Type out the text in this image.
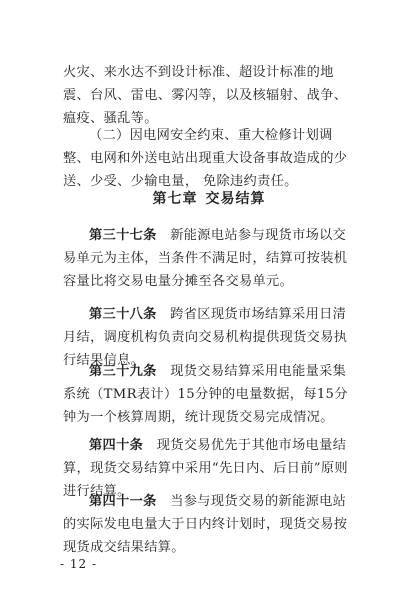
火灾、来水达不到设计标准、超设计标准的地震、台风、雷电、雾闪等，以及核辐射、战争、瘟疫、骚乱等。

（二）因电网安全约束、重大检修计划调整、电网和外送电站出现重大设备事故造成的少送、少受、少输电量， 免除违约责任。

第七章 交易结算

第三十七条　 新能源电站参与现货市场以交易单元为主体，当条件不满足时，结算可按装机容量比将交易电量分摊至各交易单元。

第三十八条　 跨省区现货市场结算采用日清月结，调度机构负责向交易机构提供现货交易执行结果信息。

第三十九条　 现货交易结算采用电能量采集系统（TMR表计）15分钟的电量数据，每15分钟为一个核算周期，统计现货交易完成情况。

第四十条　 现货交易优先于其他市场电量结算，现货交易结算中采用“先日内、后日前”原则进行结算。

第四十一条　 当参与现货交易的新能源电站的实际发电电量大于日内终计划时，现货交易按现货成交结果结算。

- 12 -
